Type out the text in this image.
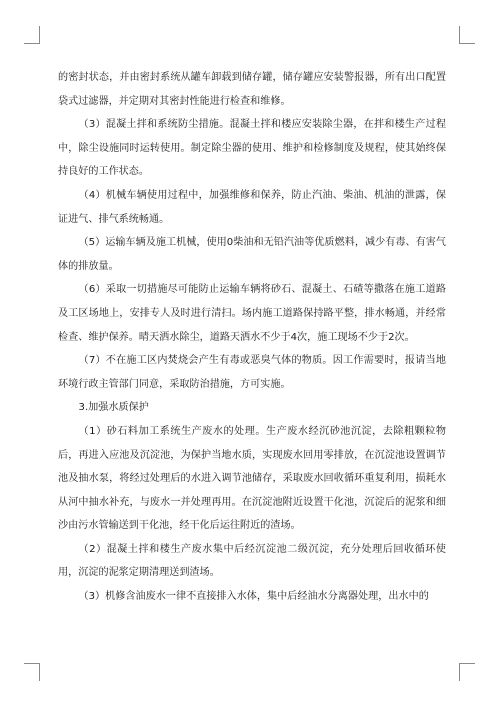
的密封状态，并由密封系统从罐车卸载到储存罐，储存罐应安装警报器，所有出口配置袋式过滤器，并定期对其密封性能进行检查和维修。

（3）混凝土拌和系统防尘措施。混凝土拌和楼应安装除尘器，在拌和楼生产过程中，除尘设施同时运转使用。制定除尘器的使用、维护和检修制度及规程，使其始终保持良好的工作状态。

（4）机械车辆使用过程中，加强维修和保养，防止汽油、柴油、机油的泄露，保证进气、排气系统畅通。

（5）运输车辆及施工机械，使用0柴油和无铅汽油等优质燃料，减少有毒、有害气体的排放量。

（6）采取一切措施尽可能防止运输车辆将砂石、混凝土、石碴等撒落在施工道路及工区场地上，安排专人及时进行清扫。场内施工道路保持路平整，排水畅通，并经常检查、维护保养。晴天洒水除尘，道路天洒水不少于4次，施工现场不少于2次。

（7）不在施工区内焚烧会产生有毒或恶臭气体的物质。因工作需要时，报请当地环境行政主管部门同意，采取防治措施，方可实施。

3.加强水质保护

（1）砂石料加工系统生产废水的处理。生产废水经沉砂池沉淀，去除粗颗粒物后，再进入应池及沉淀池，为保护当地水质，实现废水回用零排放，在沉淀池设置调节池及抽水泵，将经过处理后的水进入调节池储存，采取废水回收循环重复利用，损耗水从河中抽水补充，与废水一并处理再用。在沉淀池附近设置干化池，沉淀后的泥浆和细沙由污水管输送到干化池，经干化后运往附近的渣场。

（2）混凝土拌和楼生产废水集中后经沉淀池二级沉淀，充分处理后回收循环使用，沉淀的泥浆定期清理送到渣场。

（3）机修含油废水一律不直接排入水体，集中后经油水分离器处理，出水中的
